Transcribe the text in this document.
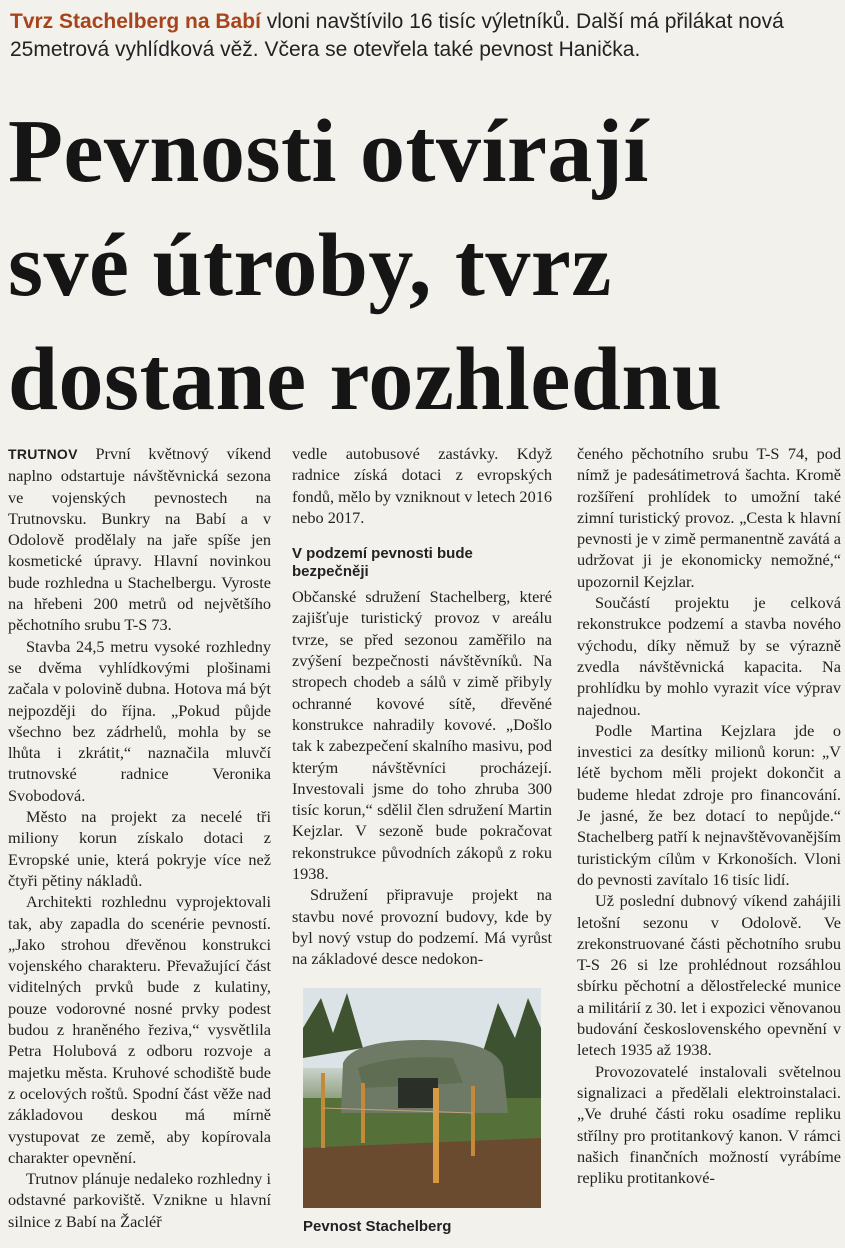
Tvrz Stachelberg na Babí vloni navštívilo 16 tisíc výletníků. Další má přilákat nová 25metrová vyhlídková věž. Včera se otevřela také pevnost Hanička.
Pevnosti otvírají
své útroby, tvrz
dostane rozhlednu

TRUTNOV První květnový víkend naplno odstartuje návštěvnická sezona ve vojenských pevnostech na Trutnovsku. Bunkry na Babí a v Odolově prodělaly na jaře spíše jen kosmetické úpravy. Hlavní novinkou bude rozhledna u Stachelbergu. Vyroste na hřebeni 200 metrů od největšího pěchotního srubu T-S 73.

Stavba 24,5 metru vysoké rozhledny se dvěma vyhlídkovými plošinami začala v polovině dubna. Hotova má být nejpozději do října. „Pokud půjde všechno bez zádrhelů, mohla by se lhůta i zkrátit,“ naznačila mluvčí trutnovské radnice Veronika Svobodová.

Město na projekt za necelé tři miliony korun získalo dotaci z Evropské unie, která pokryje více než čtyři pětiny nákladů.

Architekti rozhlednu vyprojektovali tak, aby zapadla do scenérie pevností. „Jako strohou dřevěnou konstrukci vojenského charakteru. Převažující část viditelných prvků bude z kulatiny, pouze vodorovné nosné prvky podest budou z hraněného řeziva,“ vysvětlila Petra Holubová z odboru rozvoje a majetku města. Kruhové schodiště bude z ocelových roštů. Spodní část věže nad základovou deskou má mírně vystupovat ze země, aby kopírovala charakter opevnění.

Trutnov plánuje nedaleko rozhledny i odstavné parkoviště. Vznikne u hlavní silnice z Babí na Žacléř

vedle autobusové zastávky. Když radnice získá dotaci z evropských fondů, mělo by vzniknout v letech 2016 nebo 2017.

V podzemí pevnosti bude bezpečněji

Občanské sdružení Stachelberg, které zajišťuje turistický provoz v areálu tvrze, se před sezonou zaměřilo na zvýšení bezpečnosti návštěvníků. Na stropech chodeb a sálů v zimě přibyly ochranné kovové sítě, dřevěné konstrukce nahradily kovové. „Došlo tak k zabezpečení skalního masivu, pod kterým návštěvníci procházejí. Investovali jsme do toho zhruba 300 tisíc korun,“ sdělil člen sdružení Martin Kejzlar. V sezoně bude pokračovat rekonstrukce původních zákopů z roku 1938.

Sdružení připravuje projekt na stavbu nové provozní budovy, kde by byl nový vstup do podzemí. Má vyrůst na základové desce nedokon-

Pevnost Stachelberg

čeného pěchotního srubu T-S 74, pod nímž je padesátimetrová šachta. Kromě rozšíření prohlídek to umožní také zimní turistický provoz. „Cesta k hlavní pevnosti je v zimě permanentně zavátá a udržovat ji je ekonomicky nemožné,“ upozornil Kejzlar.

Součástí projektu je celková rekonstrukce podzemí a stavba nového východu, díky němuž by se výrazně zvedla návštěvnická kapacita. Na prohlídku by mohlo vyrazit více výprav najednou.

Podle Martina Kejzlara jde o investici za desítky milionů korun: „V létě bychom měli projekt dokončit a budeme hledat zdroje pro financování. Je jasné, že bez dotací to nepůjde.“ Stachelberg patří k nejnavštěvovanějším turistickým cílům v Krkonoších. Vloni do pevnosti zavítalo 16 tisíc lidí.

Už poslední dubnový víkend zahájili letošní sezonu v Odolově. Ve zrekonstruované části pěchotního srubu T-S 26 si lze prohlédnout rozsáhlou sbírku pěchotní a dělostřelecké munice a militárií z 30. let i expozici věnovanou budování československého opevnění v letech 1935 až 1938.

Provozovatelé instalovali světelnou signalizaci a předělali elektroinstalaci. „Ve druhé části roku osadíme repliku střílny pro protitankový kanon. V rámci našich finančních možností vyrábíme repliku protitankové-
